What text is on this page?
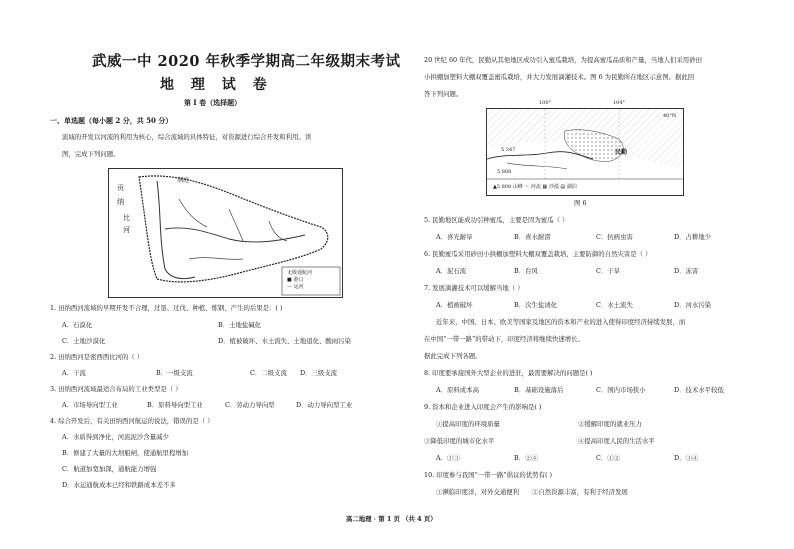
武威一中 2020 年秋季学期高二年级期末考试
地 理 试 卷
第 I 卷（选择题）
一、单选题（每小题 2 分，共 50 分）
流域的开发以河流的利用为核心，综合流域的具体特征，对资源进行综合开发和利用。读
图，完成下列问题。
贡
纳
比
河
洞庭
无级通航河
■ 港口
— 运河
1. 田纳西河流域的早期开发不合理，过垦、过伐、种植、炼钢，产生的后果是：( )
A．石漠化	B．土地盐碱化
C．土地沙漠化	D．植被破坏、水土流失、土地退化、酸雨污染
2. 田纳西河是密西西比河的（ ）
A．干流	B．一级支流	C．二级支流 D．三级支流
3. 田纳西河流域最适合布局的工业类型是（ ）
A．市场导向型工业	B．原料导向型工业	C．劳动力导向型	D．动力导向型工业
4. 综合开发后，有关田纳西河航运的说法，错误的是（ ）
A．水质得到净化，河流泥沙含量减少
B．修建了大量的大坝船闸，使通航里程增加
C．航道加宽加深，通航能力增强
D．水运通航成本已经和铁路成本差不多
20 世纪 60 年代，民勤从其他地区成功引入蜜瓜栽培，为提高蜜瓜品质和产量，当地人们采用砂田
小拱棚加塑料大棚双覆盖蜜瓜栽培，并大力发展滴灌技术。图 6 为民勤所在地区示意图。据此回
答下列问题。
100°	104°
40°N
民勤
5 347
5 808
▲5 808 山峰 ～ 河流 ▦ 沙漠 ▤ 湖泊
图 6
5. 民勤地区能成功引种蜜瓜，主要是因为蜜瓜（ ）
A．喜光耐旱	B．喜水耐涝	C．抗病虫害	D．占耕地少
6. 民勤蜜瓜采用砂田小拱棚加塑料大棚双覆盖栽培，主要防御的自然灾害是（ ）
A．泥石流	B．台风	C．干旱	D．冻害
7. 发展滴灌技术可以缓解当地（ ）
A．植被破坏	B．次生盐渍化	C．水土流失	D．河水污染
近年来，中国、日本、欧美等国家及地区的资本和产业的进入使得印度经济持续发展，而
在中国“一带一路”的带动下，印度经济将继续快速增长。
据此完成下列各题。
8. 印度要承接国外大型企业的进驻，最需要解决的问题是( )
A．原料成本高	B．基础设施落后	C．国内市场狭小	D．技术水平较低
9. 资本和企业进入印度会产生的影响是( )
①提高印度的环境质量	②缓解印度的就业压力
③降低印度的城市化水平	④提高印度人民的生活水平
A．①③	B．②④	C．①②	D．③④
10. 印度参与我国“一带一路”倡议的优势有( )
①濒临印度洋，对外交通便利 ②自然资源丰富，有利于经济发展
高二地理 · 第 1 页 （共 4 页）
